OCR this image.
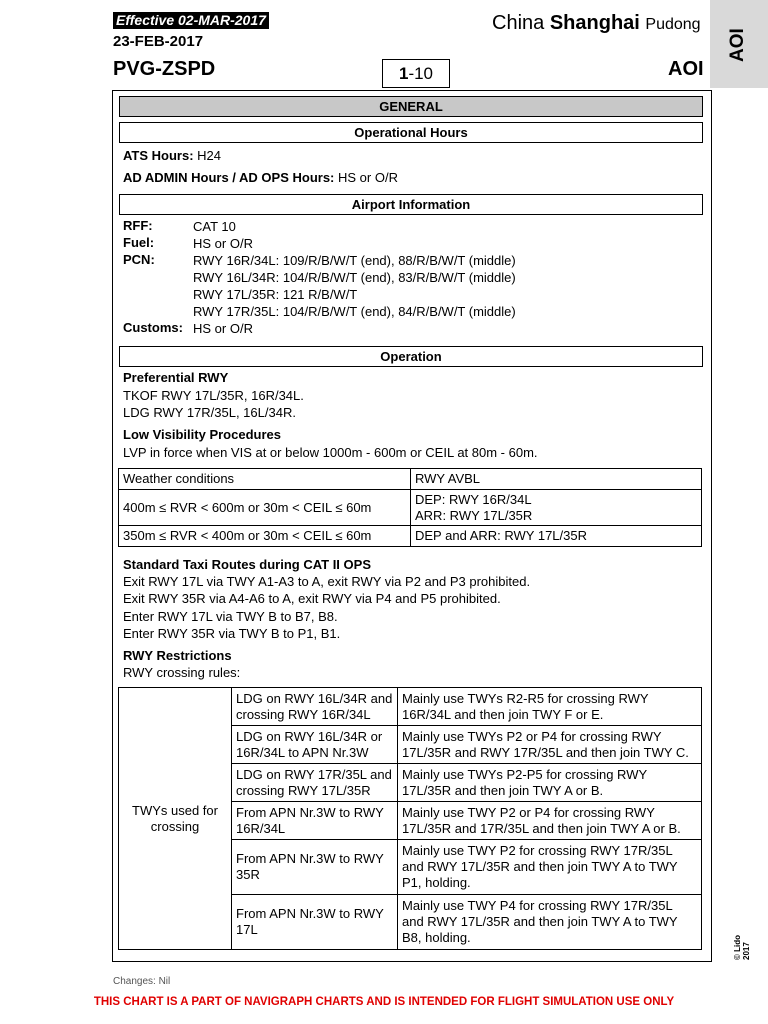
Effective 02-MAR-2017
23-FEB-2017
PVG-ZSPD
China Shanghai Pudong
1-10	AOI
AOI
GENERAL
Operational Hours
ATS Hours: H24
AD ADMIN Hours / AD OPS Hours: HS or O/R
Airport Information
RFF:	CAT 10
Fuel:	HS or O/R
PCN:	RWY 16R/34L: 109/R/B/W/T (end), 88/R/B/W/T (middle)
RWY 16L/34R: 104/R/B/W/T (end), 83/R/B/W/T (middle)
RWY 17L/35R: 121 R/B/W/T
RWY 17R/35L: 104/R/B/W/T (end), 84/R/B/W/T (middle)
Customs: HS or O/R
Operation
Preferential RWY
TKOF RWY 17L/35R, 16R/34L.
LDG RWY 17R/35L, 16L/34R.
Low Visibility Procedures
LVP in force when VIS at or below 1000m - 600m or CEIL at 80m - 60m.
Weather conditions	RWY AVBL
400m ≤ RVR < 600m or 30m < CEIL ≤ 60m	DEP: RWY 16R/34L
ARR: RWY 17L/35R

350m ≤ RVR < 400m or 30m < CEIL ≤ 60m	DEP and ARR: RWY 17L/35R
Standard Taxi Routes during CAT II OPS
Exit RWY 17L via TWY A1-A3 to A, exit RWY via P2 and P3 prohibited.
Exit RWY 35R via A4-A6 to A, exit RWY via P4 and P5 prohibited.
Enter RWY 17L via TWY B to B7, B8.
Enter RWY 35R via TWY B to P1, B1.
RWY Restrictions
RWY crossing rules:
TWYs used for crossing	LDG on RWY 16L/34R and crossing RWY 16R/34L	Mainly use TWYs R2-R5 for crossing RWY 16R/34L and then join TWY F or E.
	LDG on RWY 16L/34R or 16R/34L to APN Nr.3W	Mainly use TWYs P2 or P4 for crossing RWY 17L/35R and RWY 17R/35L and then join TWY C.
	LDG on RWY 17R/35L and crossing RWY 17L/35R	Mainly use TWYs P2-P5 for crossing RWY 17L/35R and then join TWY A or B.
	From APN Nr.3W to RWY 16R/34L	Mainly use TWY P2 or P4 for crossing RWY 17L/35R and 17R/35L and then join TWY A or B.
	From APN Nr.3W to RWY 35R	Mainly use TWY P2 for crossing RWY 17R/35L and RWY 17L/35R and then join TWY A to TWY P1, holding.
	From APN Nr.3W to RWY 17L	Mainly use TWY P4 for crossing RWY 17R/35L and RWY 17L/35R and then join TWY A to TWY B8, holding.	© Lido 2017
Changes: Nil
THIS CHART IS A PART OF NAVIGRAPH CHARTS AND IS INTENDED FOR FLIGHT SIMULATION USE ONLY
